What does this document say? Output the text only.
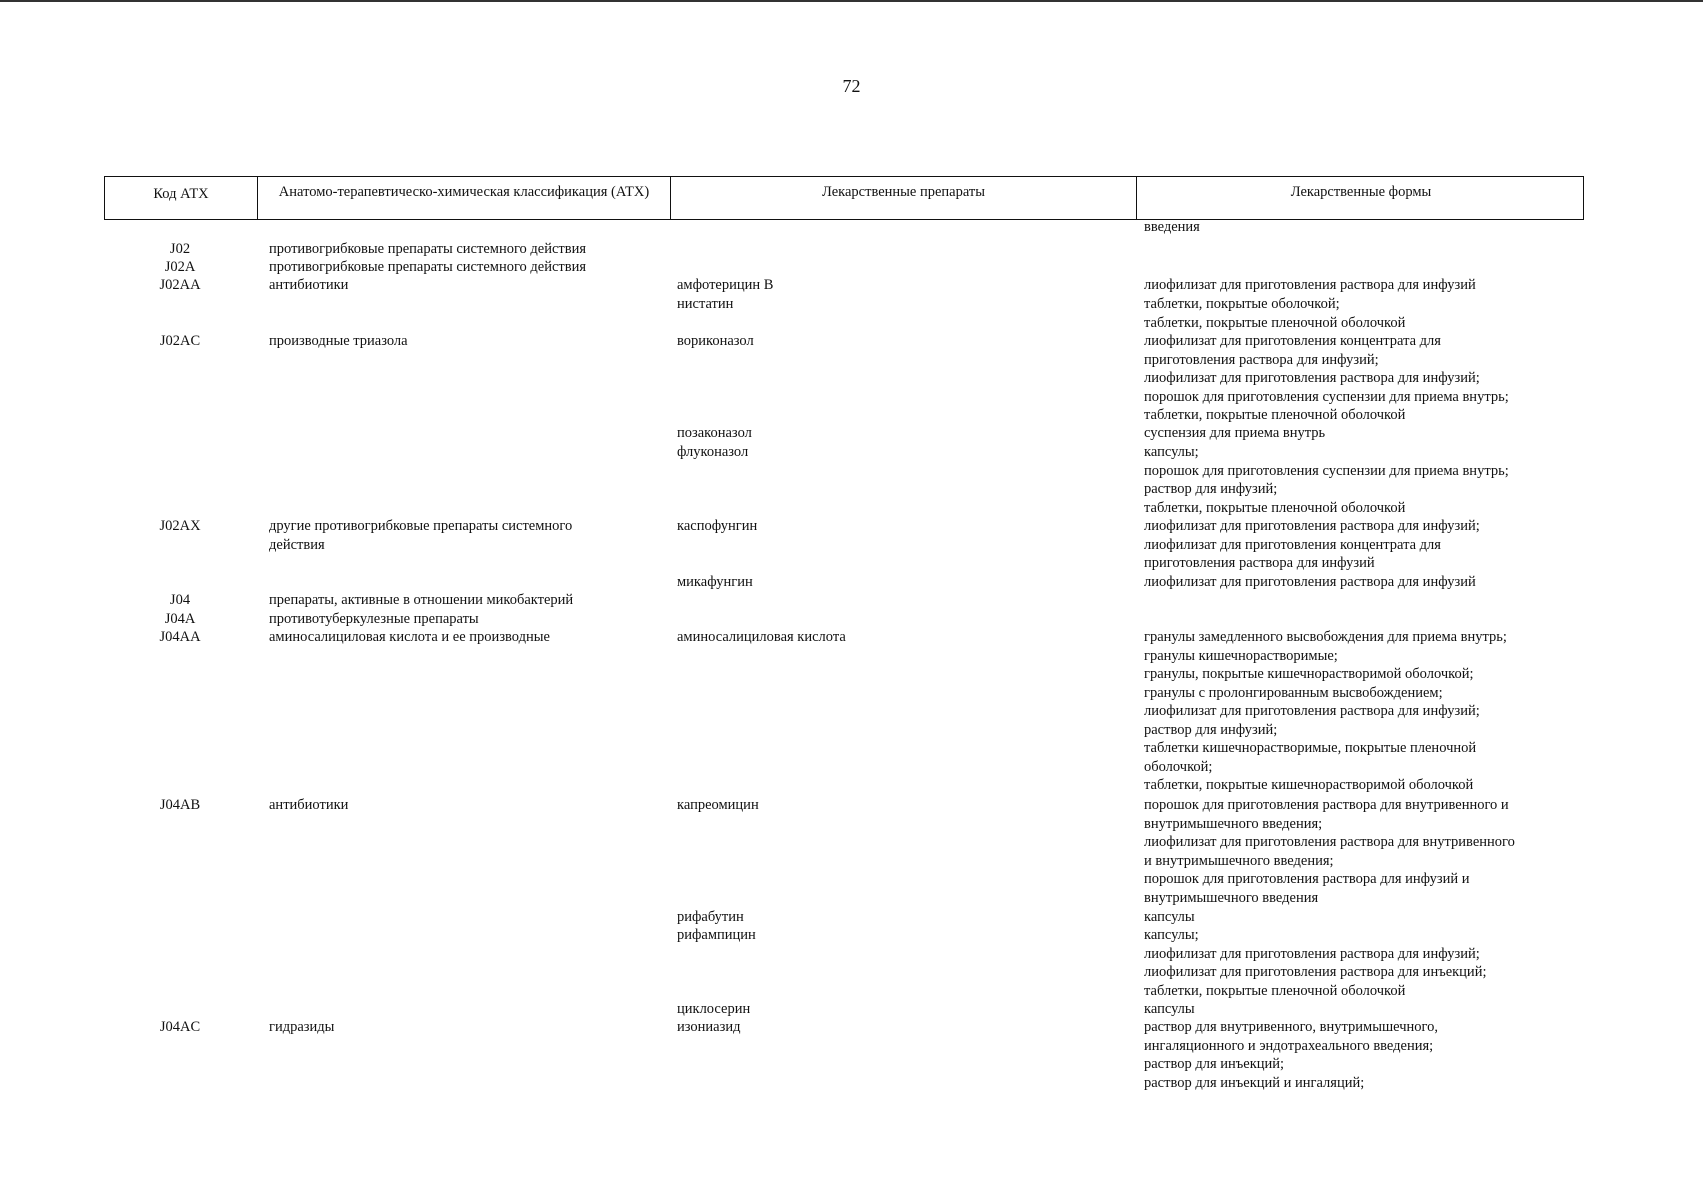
72
Код АТХ	Анатомо-терапевтическо-химическая классификация (АТХ)	Лекарственные препараты	Лекарственные формы
введения
J02	противогрибковые препараты системного действия
J02A	противогрибковые препараты системного действия
J02AA	антибиотики	амфотерицин В	лиофилизат для приготовления раствора для инфузий
нистатин	таблетки, покрытые оболочкой;
таблетки, покрытые пленочной оболочкой
J02AC	производные триазола	вориконазол	лиофилизат для приготовления концентрата для
приготовления раствора для инфузий;
лиофилизат для приготовления раствора для инфузий;
порошок для приготовления суспензии для приема внутрь;
таблетки, покрытые пленочной оболочкой
позаконазол	суспензия для приема внутрь
флуконазол	капсулы;
порошок для приготовления суспензии для приема внутрь;
раствор для инфузий;
таблетки, покрытые пленочной оболочкой
J02AX	другие противогрибковые препараты системного
действия
каспофунгин	лиофилизат для приготовления раствора для инфузий;
лиофилизат для приготовления концентрата для
приготовления раствора для инфузий
микафунгин	лиофилизат для приготовления раствора для инфузий
J04	препараты, активные в отношении микобактерий
J04A	противотуберкулезные препараты
J04AA	аминосалициловая кислота и ее производные	аминосалициловая кислота	гранулы замедленного высвобождения для приема внутрь;
гранулы кишечнорастворимые;
гранулы, покрытые кишечнорастворимой оболочкой;
гранулы с пролонгированным высвобождением;
лиофилизат для приготовления раствора для инфузий;
раствор для инфузий;
таблетки кишечнорастворимые, покрытые пленочной
оболочкой;
таблетки, покрытые кишечнорастворимой оболочкой
J04AB	антибиотики	капреомицин	порошок для приготовления раствора для внутривенного и
внутримышечного введения;
лиофилизат для приготовления раствора для внутривенного
и внутримышечного введения;
порошок для приготовления раствора для инфузий и
внутримышечного введения
рифабутин	капсулы
рифампицин	капсулы;
лиофилизат для приготовления раствора для инфузий;
лиофилизат для приготовления раствора для инъекций;
таблетки, покрытые пленочной оболочкой
циклосерин	капсулы
J04AC	гидразиды	изониазид	раствор для внутривенного, внутримышечного,
ингаляционного и эндотрахеального введения;
раствор для инъекций;
раствор для инъекций и ингаляций;
